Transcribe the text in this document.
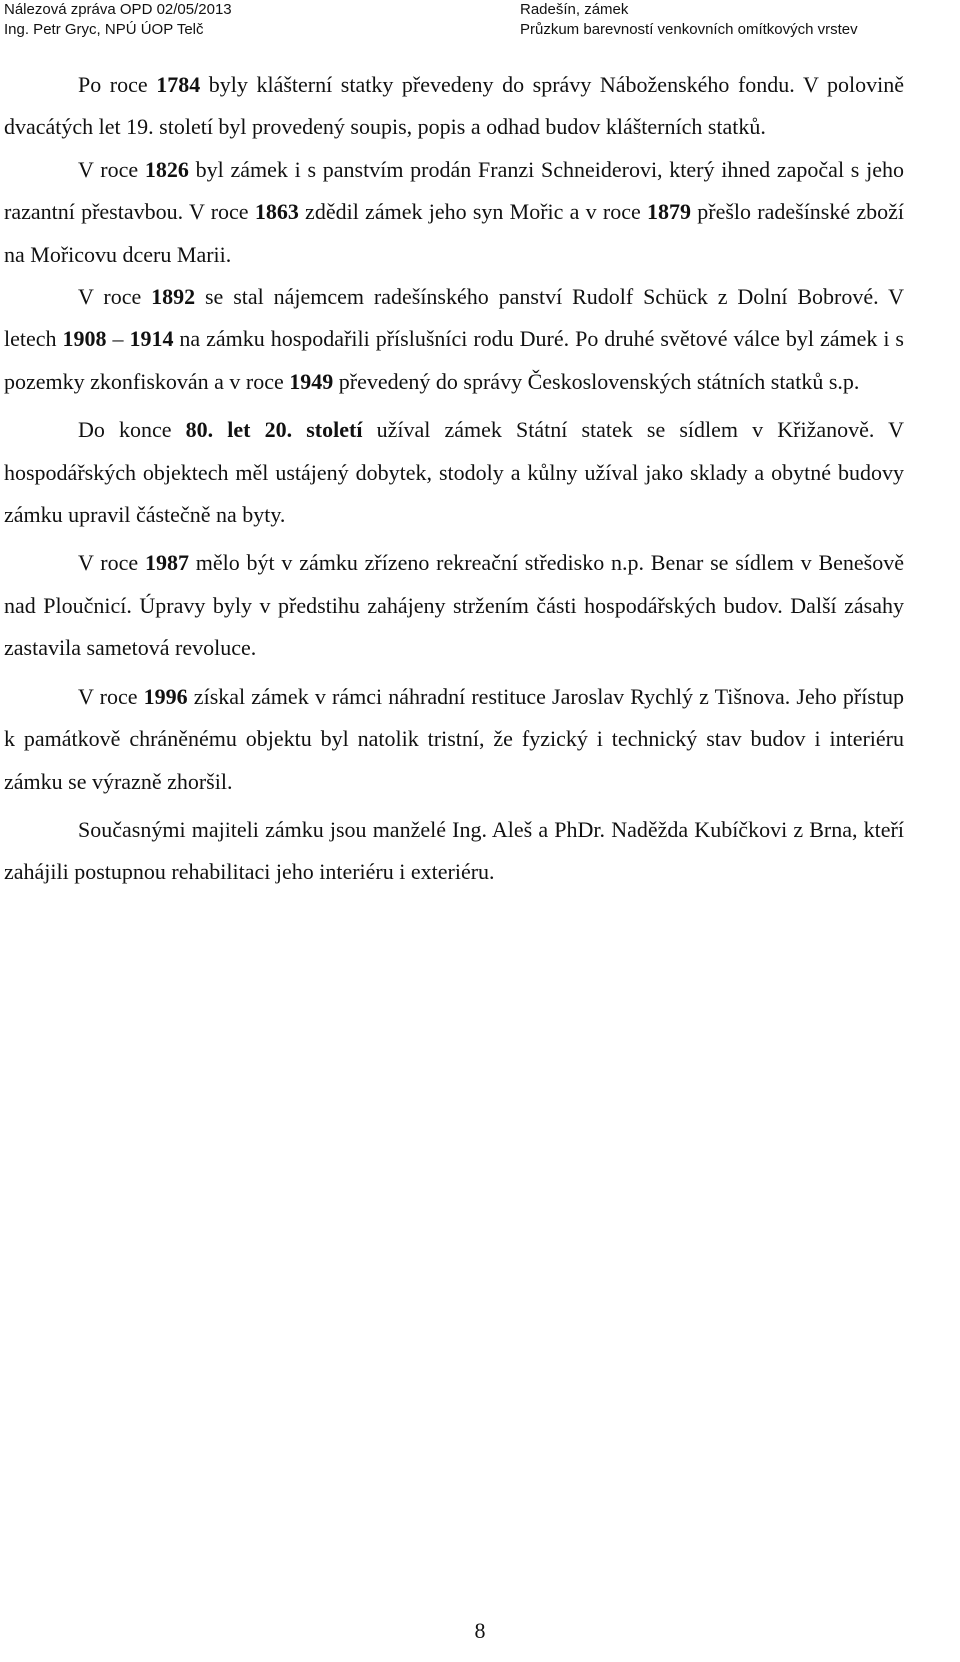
Nálezová zpráva OPD 02/05/2013
Ing. Petr Gryc, NPÚ ÚOP Telč
Radešín, zámek
Průzkum barevností venkovních omítkových vrstev

Po roce 1784 byly klášterní statky převedeny do správy Náboženského fondu. V polovině dvacátých let 19. století byl provedený soupis, popis a odhad budov klášterních statků.

V roce 1826 byl zámek i s panstvím prodán Franzi Schneiderovi, který ihned započal s jeho razantní přestavbou. V roce 1863 zdědil zámek jeho syn Mořic a v roce 1879 přešlo radešínské zboží na Mořicovu dceru Marii.

V roce 1892 se stal nájemcem radešínského panství Rudolf Schück z Dolní Bobrové. V letech 1908 – 1914 na zámku hospodařili příslušníci rodu Duré. Po druhé světové válce byl zámek i s pozemky zkonfiskován a v roce 1949 převedený do správy Československých státních statků s.p.

Do konce 80. let 20. století užíval zámek Státní statek se sídlem v Křižanově. V hospodářských objektech měl ustájený dobytek, stodoly a kůlny užíval jako sklady a obytné budovy zámku upravil částečně na byty.

V roce 1987 mělo být v zámku zřízeno rekreační středisko n.p. Benar se sídlem v Benešově nad Ploučnicí. Úpravy byly v předstihu zahájeny stržením části hospodářských budov. Další zásahy zastavila sametová revoluce.

V roce 1996 získal zámek v rámci náhradní restituce Jaroslav Rychlý z Tišnova. Jeho přístup k památkově chráněnému objektu byl natolik tristní, že fyzický i technický stav budov i interiéru zámku se výrazně zhoršil.

Současnými majiteli zámku jsou manželé Ing. Aleš a PhDr. Naděžda Kubíčkovi z Brna, kteří zahájili postupnou rehabilitaci jeho interiéru i exteriéru.

8
